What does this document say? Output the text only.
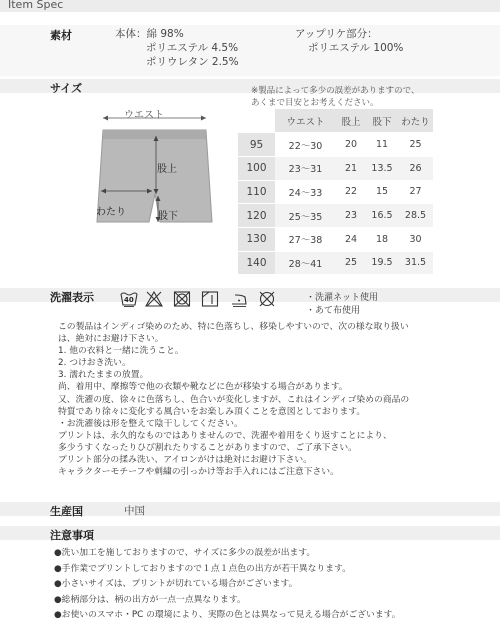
Item Spec
素材	本体：綿 98%
ポリエステル 4.5%
ポリウレタン 2.5%
アップリケ部分：
ポリエステル 100%
サイズ	※製品によって多少の誤差がありますので、
あくまで目安とお考えください。
ウエスト
股上
股下
わたり
	ウエスト	股上	股下	わたり
95	22〜30	20	11	25
100	23〜31	21	13.5	26
110	24〜33	22	15	27
120	25〜35	23	16.5	28.5
130	27〜38	24	18	30
140	28〜41	25	19.5	31.5
洗濯表示	40	・洗濯ネット使用
・あて布使用
この製品はインディゴ染めのため、特に色落ちし、移染しやすいので、次の様な取り扱い
は、絶対にお避け下さい。
1. 他の衣料と一緒に洗うこと。
2. つけおき洗い。
3. 濡れたままの放置。
尚、着用中、摩擦等で他の衣類や靴などに色が移染する場合があります。
又、洗濯の度、徐々に色落ちし、色合いが変化しますが、これはインディゴ染めの商品の
特質であり徐々に変化する風合いをお楽しみ頂くことを意図としております。
・お洗濯後は形を整えて陰干ししてください。
プリントは、永久的なものではありませんので、洗濯や着用をくり返すことにより、
多少うすくなったりひび割れたりすることがありますので、ご了承下さい。
プリント部分の揉み洗い、アイロンがけは絶対にお避け下さい。
キャラクターモチーフや刺繍の引っかけ等お手入れにはご注意下さい。
生産国	中国
注意事項
●洗い加工を施しておりますので、サイズに多少の誤差が出ます。
●手作業でプリントしておりますので１点１点色の出方が若干異なります。
●小さいサイズは、プリントが切れている場合がございます。
●総柄部分は、柄の出方が一点一点異なります。
●お使いのスマホ・PC の環境により、実際の色とは異なって見える場合がございます。
